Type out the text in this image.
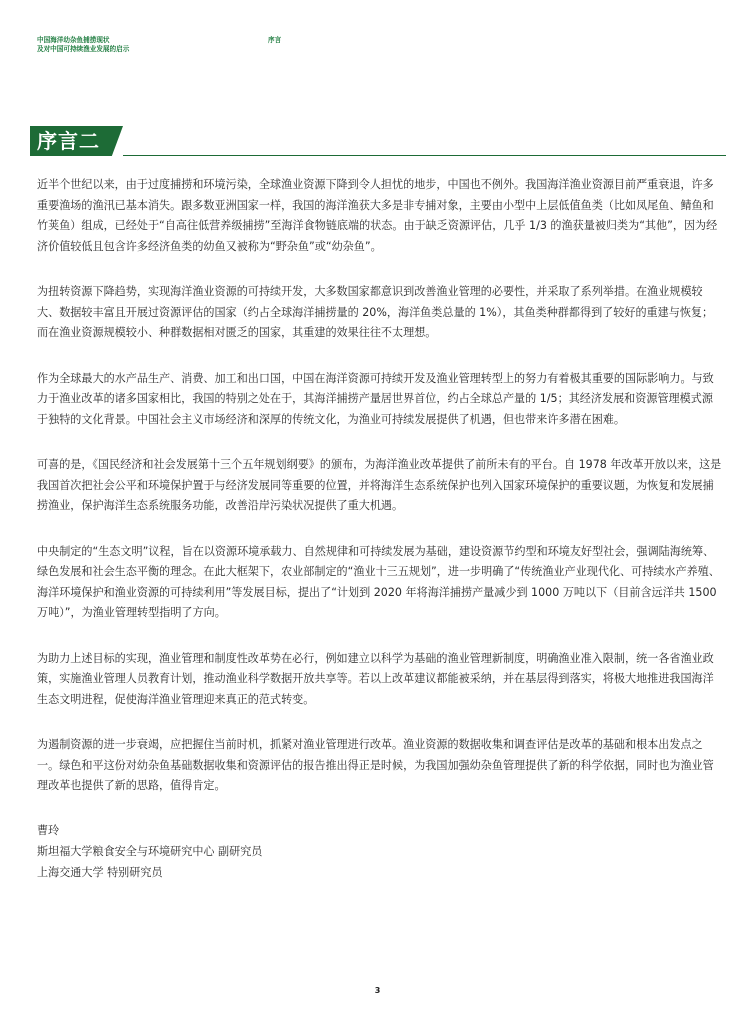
中国海洋幼杂鱼捕捞现状
及对中国可持续渔业发展的启示
序言
序言二

近半个世纪以来，由于过度捕捞和环境污染，全球渔业资源下降到令人担忧的地步，中国也不例外。我国海洋渔业资源目前严重衰退，许多重要渔场的渔汛已基本消失。跟多数亚洲国家一样，我国的海洋渔获大多是非专捕对象，主要由小型中上层低值鱼类（比如凤尾鱼、鲭鱼和竹荚鱼）组成，已经处于“自高往低营养级捕捞”至海洋食物链底端的状态。由于缺乏资源评估，几乎 1/3 的渔获量被归类为“其他”，因为经济价值较低且包含许多经济鱼类的幼鱼又被称为“野杂鱼”或“幼杂鱼”。

为扭转资源下降趋势，实现海洋渔业资源的可持续开发，大多数国家都意识到改善渔业管理的必要性，并采取了系列举措。在渔业规模较大、数据较丰富且开展过资源评估的国家（约占全球海洋捕捞量的 20%，海洋鱼类总量的 1%），其鱼类种群都得到了较好的重建与恢复；而在渔业资源规模较小、种群数据相对匮乏的国家，其重建的效果往往不太理想。

作为全球最大的水产品生产、消费、加工和出口国，中国在海洋资源可持续开发及渔业管理转型上的努力有着极其重要的国际影响力。与致力于渔业改革的诸多国家相比，我国的特别之处在于，其海洋捕捞产量居世界首位，约占全球总产量的 1/5；其经济发展和资源管理模式源于独特的文化背景。中国社会主义市场经济和深厚的传统文化，为渔业可持续发展提供了机遇，但也带来许多潜在困难。

可喜的是，《国民经济和社会发展第十三个五年规划纲要》的颁布，为海洋渔业改革提供了前所未有的平台。自 1978 年改革开放以来，这是我国首次把社会公平和环境保护置于与经济发展同等重要的位置，并将海洋生态系统保护也列入国家环境保护的重要议题，为恢复和发展捕捞渔业，保护海洋生态系统服务功能，改善沿岸污染状况提供了重大机遇。

中央制定的“生态文明”议程，旨在以资源环境承载力、自然规律和可持续发展为基础，建设资源节约型和环境友好型社会，强调陆海统筹、绿色发展和社会生态平衡的理念。在此大框架下，农业部制定的“渔业十三五规划”，进一步明确了“传统渔业产业现代化、可持续水产养殖、海洋环境保护和渔业资源的可持续利用”等发展目标，提出了“计划到 2020 年将海洋捕捞产量减少到 1000 万吨以下（目前含远洋共 1500 万吨）”，为渔业管理转型指明了方向。

为助力上述目标的实现，渔业管理和制度性改革势在必行，例如建立以科学为基础的渔业管理新制度，明确渔业准入限制，统一各省渔业政策，实施渔业管理人员教育计划，推动渔业科学数据开放共享等。若以上改革建议都能被采纳，并在基层得到落实，将极大地推进我国海洋生态文明进程，促使海洋渔业管理迎来真正的范式转变。

为遏制资源的进一步衰竭，应把握住当前时机，抓紧对渔业管理进行改革。渔业资源的数据收集和调查评估是改革的基础和根本出发点之一。绿色和平这份对幼杂鱼基础数据收集和资源评估的报告推出得正是时候，为我国加强幼杂鱼管理提供了新的科学依据，同时也为渔业管理改革也提供了新的思路，值得肯定。

曹玲
斯坦福大学粮食安全与环境研究中心 副研究员
上海交通大学 特别研究员
3
